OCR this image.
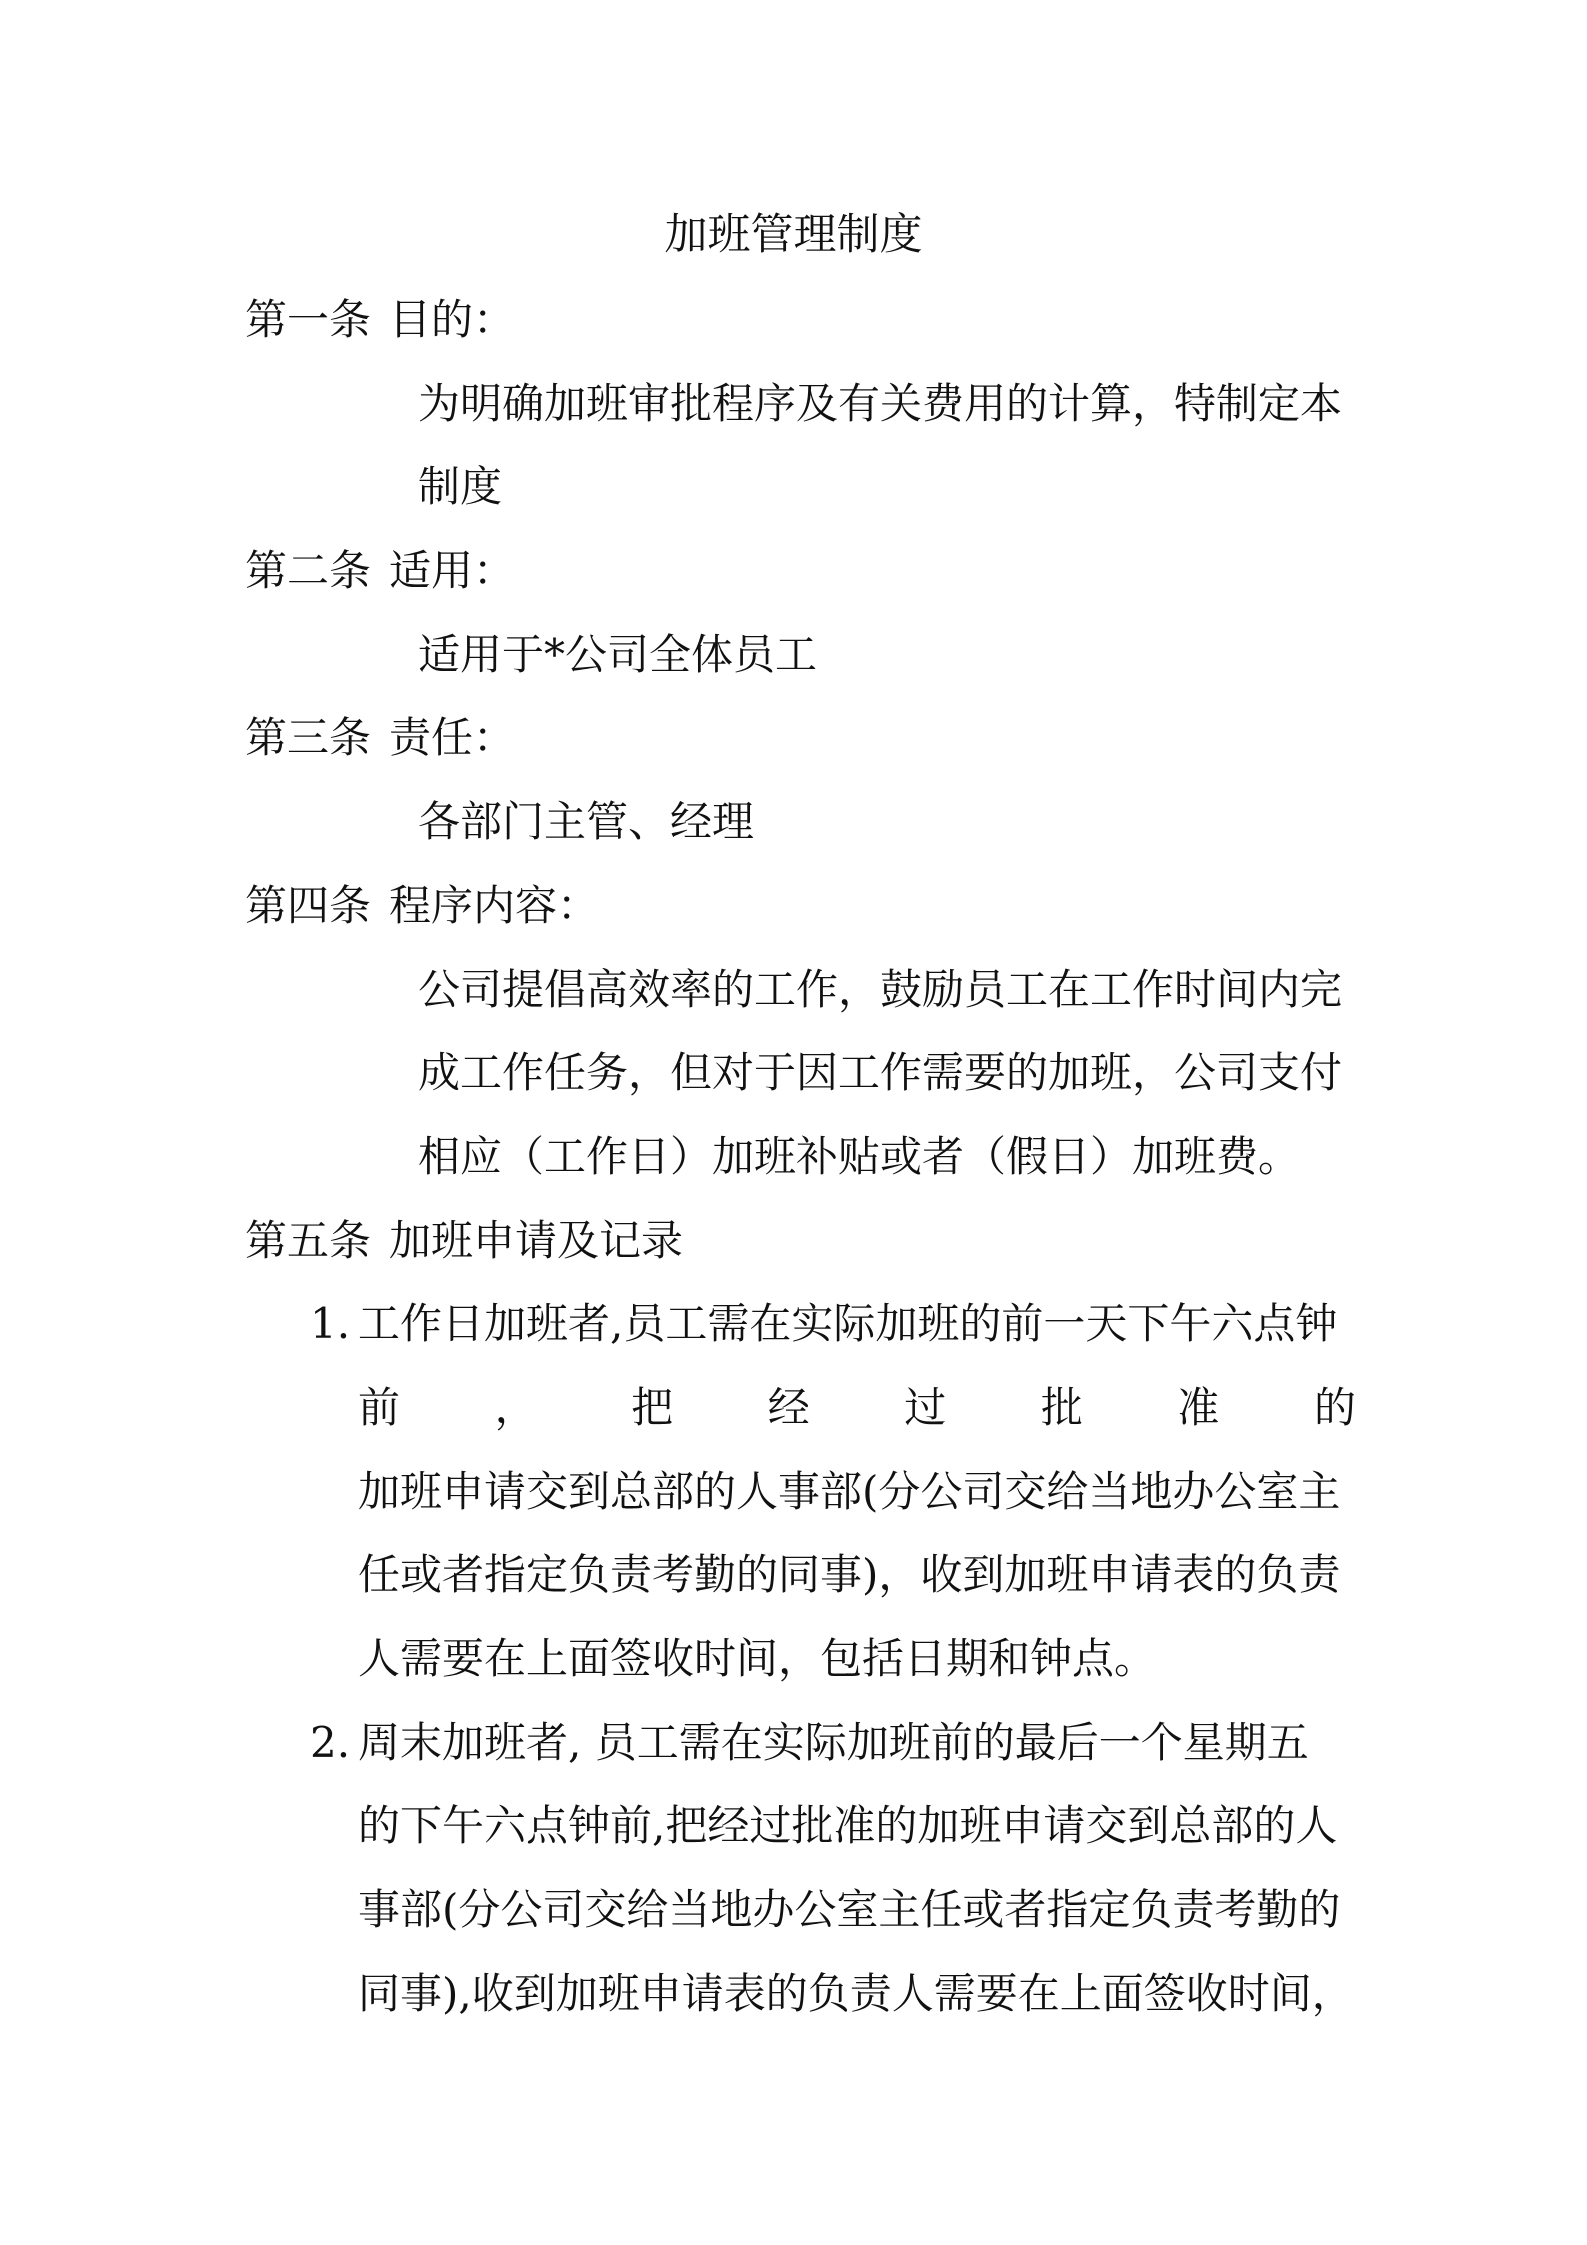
加班管理制度
第一条 目的：
为明确加班审批程序及有关费用的计算，特制定本
制度
第二条 适用：
适用于*公司全体员工
第三条 责任：
各部门主管、经理
第四条 程序内容：
公司提倡高效率的工作，鼓励员工在工作时间内完
成工作任务，但对于因工作需要的加班，公司支付
相应（工作日）加班补贴或者（假日）加班费。
第五条 加班申请及记录
1. 工作日加班者,员工需在实际加班的前一天下午六点钟
前 ， 把 经 过 批 准 的
加班申请交到总部的人事部(分公司交给当地办公室主
任或者指定负责考勤的同事)，收到加班申请表的负责
人需要在上面签收时间，包括日期和钟点。
2. 周末加班者, 员工需在实际加班前的最后一个星期五
的下午六点钟前,把经过批准的加班申请交到总部的人
事部(分公司交给当地办公室主任或者指定负责考勤的
同事),收到加班申请表的负责人需要在上面签收时间，
